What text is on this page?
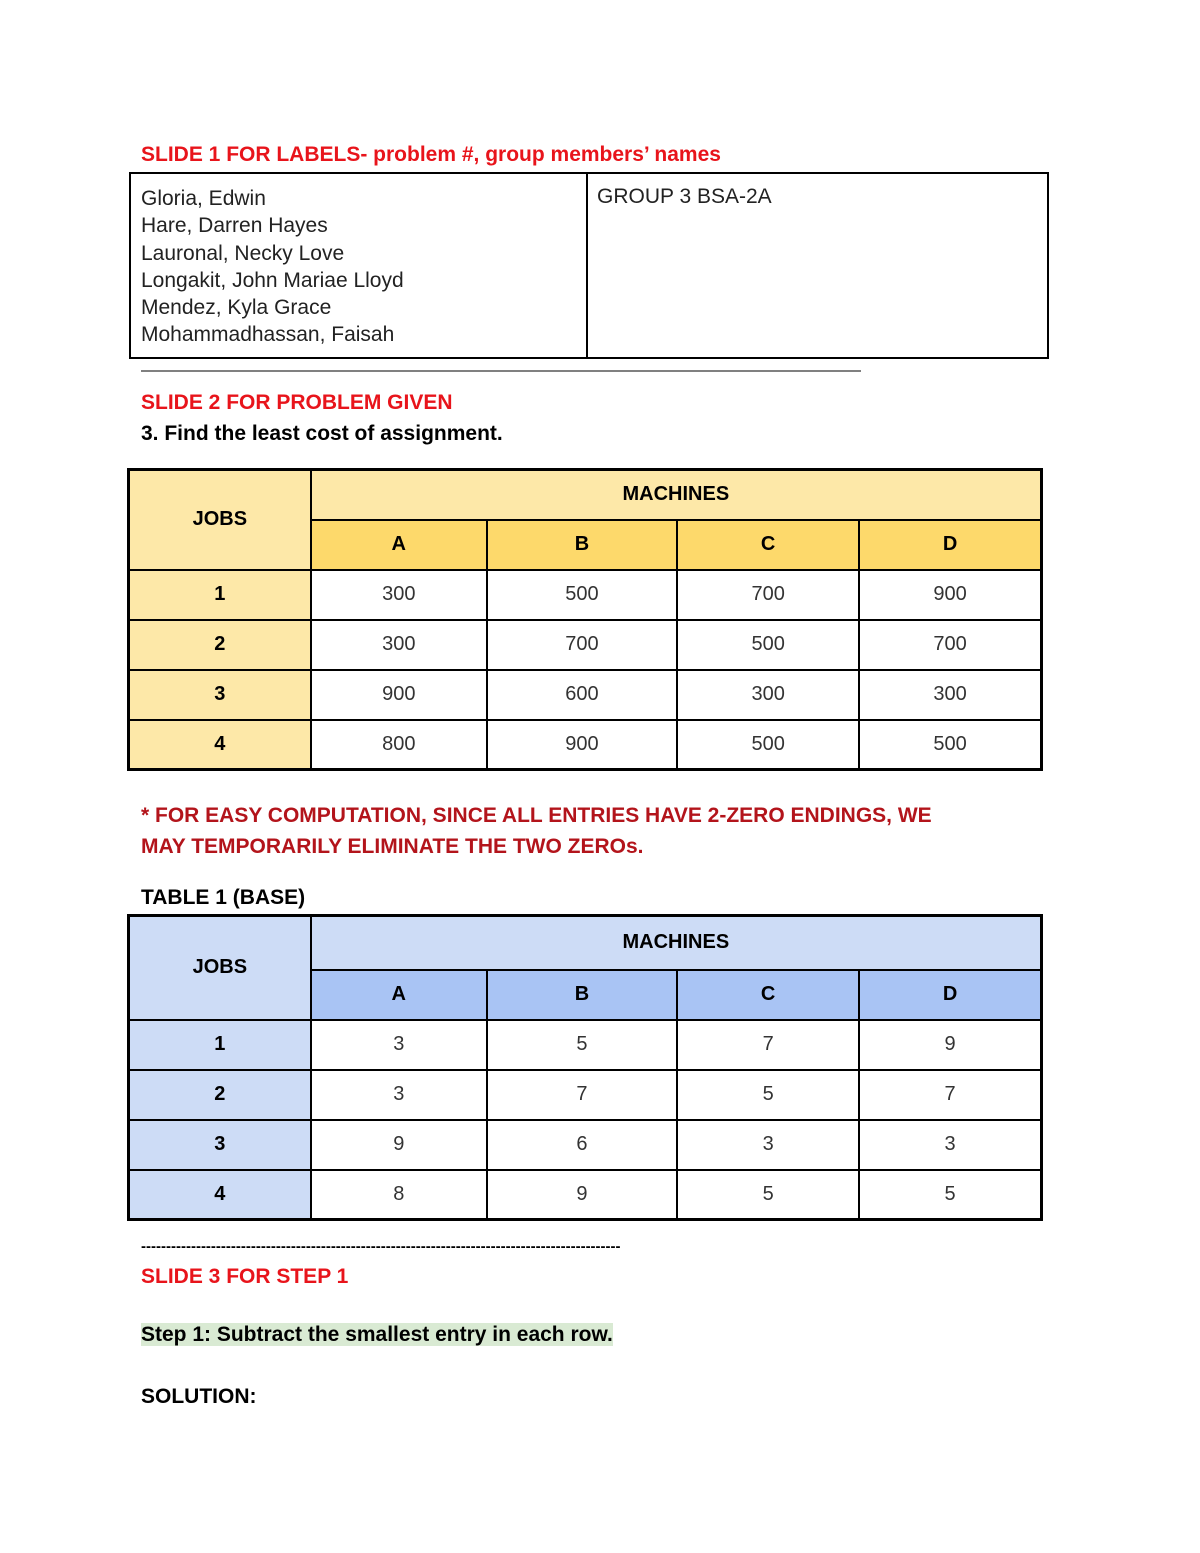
SLIDE 1 FOR LABELS- problem #, group members’ names
Gloria, Edwin
Hare, Darren Hayes
Lauronal, Necky Love
Longakit, John Mariae Lloyd
Mendez, Kyla Grace
Mohammadhassan, Faisah
GROUP 3 BSA-2A
————————————————————————————————————————————————
SLIDE 2 FOR PROBLEM GIVEN
3. Find the least cost of assignment.
JOBS	MACHINES			
	A	B	C	D
1	300	500	700	900
2	300	700	500	700
3	900	600	300	300
4	800	900	500	500
* FOR EASY COMPUTATION, SINCE ALL ENTRIES HAVE 2-ZERO ENDINGS, WE
MAY TEMPORARILY ELIMINATE THE TWO ZEROs.
TABLE 1 (BASE)
JOBS	MACHINES			
	A	B	C	D
1	3	5	7	9
2	3	7	5	7
3	9	6	3	3
4	8	9	5	5
------------------------------------------------------------------------------------------------
SLIDE 3 FOR STEP 1
Step 1: Subtract the smallest entry in each row.
SOLUTION:
